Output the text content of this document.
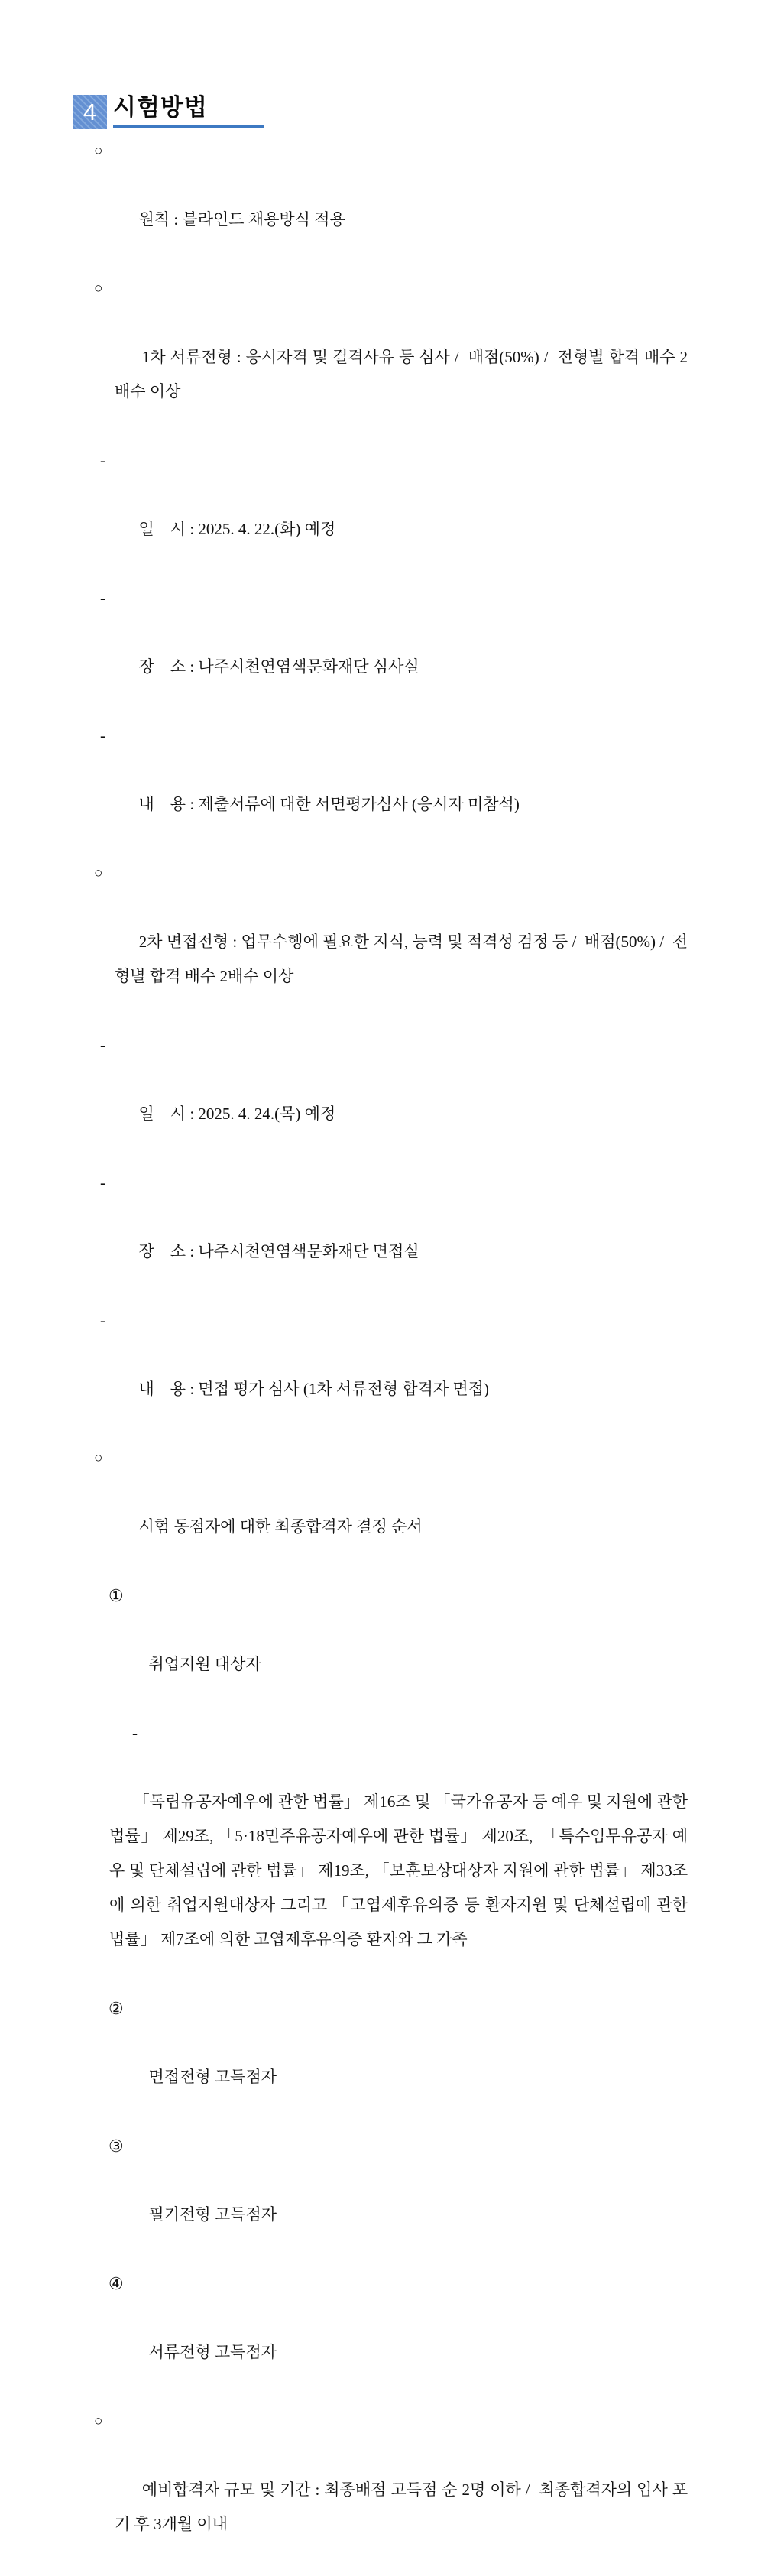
4 시험방법

○

원칙 : 블라인드 채용방식 적용

○

1차 서류전형 : 응시자격 및 결격사유 등 심사 /  배점(50%) /  전형별 합격 배수 2배수 이상

-

일    시 : 2025. 4. 22.(화) 예정

-

장    소 : 나주시천연염색문화재단 심사실

-

내    용 : 제출서류에 대한 서면평가심사 (응시자 미참석)

○

2차 면접전형 : 업무수행에 필요한 지식, 능력 및 적격성 검정 등 /  배점(50%) /  전형별 합격 배수 2배수 이상

-

일    시 : 2025. 4. 24.(목) 예정

-

장    소 : 나주시천연염색문화재단 면접실

-

내    용 : 면접 평가 심사 (1차 서류전형 합격자 면접)

○

시험 동점자에 대한 최종합격자 결정 순서

①

취업지원 대상자

-

「독립유공자예우에 관한 법률」 제16조 및 「국가유공자 등 예우 및 지원에 관한 법률」 제29조, 「5·18민주유공자예우에 관한 법률」 제20조,  「특수임무유공자 예우 및 단체설립에 관한 법률」 제19조, 「보훈보상대상자 지원에 관한 법률」 제33조에 의한 취업지원대상자 그리고 「고엽제후유의증 등 환자지원 및 단체설립에 관한 법률」 제7조에 의한 고엽제후유의증 환자와 그 가족

②

면접전형 고득점자

③

필기전형 고득점자

④

서류전형 고득점자

○

예비합격자 규모 및 기간 : 최종배점 고득점 순 2명 이하 /  최종합격자의 입사 포기 후 3개월 이내
